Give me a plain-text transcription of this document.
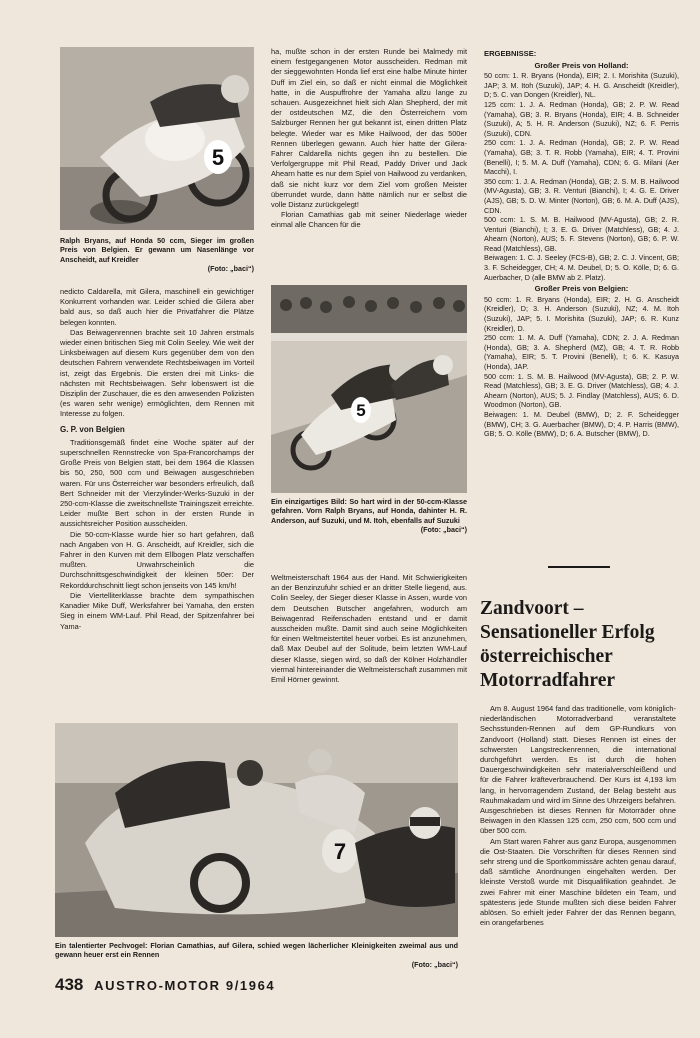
5
Ralph Bryans, auf Honda 50 ccm, Sieger im großen Preis von Belgien. Er gewann um Nasenlänge vor Anscheidt, auf Kreidler
(Foto: „baci“)

nedicto Caldarella, mit Gilera, maschinell ein gewichtiger Konkurrent vorhanden war. Leider schied die Gilera aber bald aus, so daß auch hier die Privatfahrer die Plätze belegen konnten.

Das Beiwagenrennen brachte seit 10 Jahren erstmals wieder einen britischen Sieg mit Colin Seeley. Wie weit der Linksbeiwagen auf diesem Kurs gegenüber dem von den deutschen Fahrern verwendete Rechtsbeiwagen im Vorteil ist, zeigt das Ergebnis. Die ersten drei mit Links- die nächsten mit Rechtsbeiwagen. Sehr lobenswert ist die Disziplin der Zuschauer, die es den anwesenden Polizisten (es waren sehr wenige) ermöglichten, dem Rennen mit Interesse zu folgen.

G. P. von Belgien

Traditionsgemäß findet eine Woche später auf der superschnellen Rennstrecke von Spa-Francorchamps der Große Preis von Belgien statt, bei dem 1964 die Klassen bis 50, 250, 500 ccm und Beiwagen ausgeschrieben waren. Für uns Österreicher war besonders erfreulich, daß Bert Schneider mit der Vierzylinder-Werks-Suzuki in der 250-ccm-Klasse die zweitschnellste Trainingszeit erreichte. Leider mußte Bert schon in der ersten Runde in aussichtsreicher Position ausscheiden.

Die 50-ccm-Klasse wurde hier so hart gefahren, daß nach Angaben von H. G. Anscheidt, auf Kreidler, sich die Fahrer in den Kurven mit dem Ellbogen Platz verschaffen mußten. Unwahrscheinlich die Durchschnittsgeschwindigkeit der kleinen 50er: Der Rekorddurchschnitt liegt schon jenseits von 145 km/h!

Die Viertelliterklasse brachte dem sympathischen Kanadier Mike Duff, Werksfahrer bei Yamaha, den ersten Sieg in einem WM-Lauf. Phil Read, der Spitzenfahrer bei Yama-

ha, mußte schon in der ersten Runde bei Malmedy mit einem festgegangenen Motor ausscheiden. Redman mit der sieggewohnten Honda lief erst eine halbe Minute hinter Duff im Ziel ein, so daß er nicht einmal die Möglichkeit hatte, in die Auspuffrohre der Yamaha allzu lange zu schauen. Ausgezeichnet hielt sich Alan Shepherd, der mit der ostdeutschen MZ, die den Österreichern vom Salzburger Rennen her gut bekannt ist, einen dritten Platz belegte. Wieder war es Mike Hailwood, der das 500er Rennen überlegen gewann. Auch hier hatte der Gilera-Fahrer Caldarella nichts gegen ihn zu bestellen. Die Verfolgergruppe mit Phil Read, Paddy Driver und Jack Ahearn hatte es nur dem Spiel von Hailwood zu verdanken, daß sie nicht kurz vor dem Ziel vom großen Meister überrundet wurde, dann hätte nämlich nur er selbst die volle Distanz zurückgelegt!

Florian Camathias gab mit seiner Niederlage wieder einmal alle Chancen für die

5
Ein einzigartiges Bild: So hart wird in der 50-ccm-Klasse gefahren. Vorn Ralph Bryans, auf Honda, dahinter H. R. Anderson, auf Suzuki, und M. Itoh, ebenfalls auf Suzuki
(Foto: „baci“)

Weltmeisterschaft 1964 aus der Hand. Mit Schwierigkeiten an der Benzinzufuhr schied er an dritter Stelle liegend, aus. Colin Seeley, der Sieger dieser Klasse in Assen, wurde von dem Deutschen Butscher angefahren, wodurch am Beiwagenrad Reifenschaden entstand und er damit ausscheiden mußte. Damit sind auch seine Möglichkeiten für einen Weltmeistertitel heuer vorbei. Es ist anzunehmen, daß Max Deubel auf der Solitude, beim letzten WM-Lauf dieser Klasse, siegen wird, so daß der Kölner Holzhändler viermal hintereinander die Weltmeisterschaft zusammen mit Emil Hörner gewinnt.

ERGEBNISSE:
Großer Preis von Holland:

50 ccm: 1. R. Bryans (Honda), EIR; 2. I. Morishita (Suzuki), JAP; 3. M. Itoh (Suzuki), JAP; 4. H. G. Anscheidt (Kreidler), D; 5. C. van Dongen (Kreidler), NL.

125 ccm: 1. J. A. Redman (Honda), GB; 2. P. W. Read (Yamaha), GB; 3. R. Bryans (Honda), EIR; 4. B. Schneider (Suzuki), A; 5. H. R. Anderson (Suzuki), NZ; 6. F. Perris (Suzuki), CDN.

250 ccm: 1. J. A. Redman (Honda), GB; 2. P. W. Read (Yamaha), GB; 3. T. R. Robb (Yamaha), EIR; 4. T. Provini (Benelli), I; 5. M. A. Duff (Yamaha), CDN; 6. G. Milani (Aer Macchi), I.

350 ccm: 1. J. A. Redman (Honda), GB; 2. S. M. B. Hailwood (MV-Agusta), GB; 3. R. Venturi (Bianchi), I; 4. G. E. Driver (AJS), GB; 5. D. W. Minter (Norton), GB; 6. M. A. Duff (AJS), CDN.

500 ccm: 1. S. M. B. Hailwood (MV-Agusta), GB; 2. R. Venturi (Bianchi), I; 3. E. G. Driver (Matchless), GB; 4. J. Ahearn (Norton), AUS; 5. F. Stevens (Norton), GB; 6. P. W. Read (Matchless), GB.

Beiwagen: 1. C. J. Seeley (FCS-B), GB; 2. C. J. Vincent, GB; 3. F. Scheidegger, CH; 4. M. Deubel, D; 5. O. Kölle, D; 6. G. Auerbacher, D (alle BMW ab 2. Platz).

Großer Preis von Belgien:

50 ccm: 1. R. Bryans (Honda), EIR; 2. H. G. Anscheidt (Kreidler), D; 3. H. Anderson (Suzuki), NZ; 4. M. Itoh (Suzuki), JAP; 5. I. Morishita (Suzuki), JAP; 6. R. Kunz (Kreidler), D.

250 ccm: 1. M. A. Duff (Yamaha), CDN; 2. J. A. Redman (Honda), GB; 3. A. Shepherd (MZ), GB; 4. T. R. Robb (Yamaha), EIR; 5. T. Provini (Benelli), I; 6. K. Kasuya (Honda), JAP.

500 ccm: 1. S. M. B. Hailwood (MV-Agusta), GB; 2. P. W. Read (Matchless), GB; 3. E. G. Driver (Matchless), GB; 4. J. Ahearn (Norton), AUS; 5. J. Findlay (Matchless), AUS; 6. D. Woodmon (Norton), GB.

Beiwagen: 1. M. Deubel (BMW), D; 2. F. Scheidegger (BMW), CH; 3. G. Auerbacher (BMW), D; 4. P. Harris (BMW), GB; 5. O. Kölle (BMW), D; 6. A. Butscher (BMW), D.

Zandvoort –
Sensationeller Erfolg
österreichischer
Motorradfahrer

Am 8. August 1964 fand das traditionelle, vom königlich-niederländischen Motorradverband veranstaltete Sechsstunden-Rennen auf dem GP-Rundkurs von Zandvoort (Holland) statt. Dieses Rennen ist eines der schwersten Langstreckenrennen, die international durchgeführt werden. Es ist durch die hohen Dauergeschwindigkeiten sehr materialverschleißend und für die Fahrer kräfteverbrauchend. Der Kurs ist 4,193 km lang, in hervorragendem Zustand, der Belag besteht aus Rauhmakadam und wird im Sinne des Uhrzeigers befahren. Ausgeschrieben ist dieses Rennen für Motorräder ohne Beiwagen in den Klassen 125 ccm, 250 ccm, 500 ccm und über 500 ccm.

Am Start waren Fahrer aus ganz Europa, ausgenommen die Ost-Staaten. Die Vorschriften für dieses Rennen sind sehr streng und die Sportkommissäre achten genau darauf, daß sämtliche Anordnungen eingehalten werden. Der kleinste Verstoß wurde mit Disqualifikation geahndet. Je zwei Fahrer mit einer Maschine bildeten ein Team, und spätestens jede Stunde mußten sich diese beiden Fahrer ablösen. So erhielt jeder Fahrer der das Rennen begann, ein orangefarbenes

7
Ein talentierter Pechvogel: Florian Camathias, auf Gilera, schied wegen lächerlicher Kleinigkeiten zweimal aus und gewann heuer erst ein Rennen
(Foto: „baci“)
438 AUSTRO-MOTOR 9/1964
